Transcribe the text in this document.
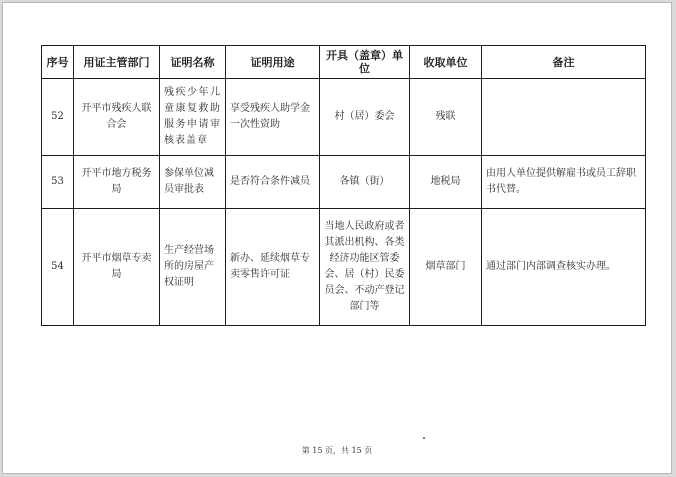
序号	用证主管部门	证明名称	证明用途	开具（盖章）单位	收取单位	备注
52	开平市残疾人联合会	残疾少年儿童康复救助服务申请审核表盖章	享受残疾人助学金一次性资助	村（居）委会	残联	
53	开平市地方税务局	参保单位减员审批表	是否符合条件减员	各镇（街）	地税局	由用人单位提供解雇书或员工辞职书代替。
54	开平市烟草专卖局	生产经营场所的房屋产权证明	新办、延续烟草专卖零售许可证	当地人民政府或者其派出机构、各类经济功能区管委会、居（村）民委员会、不动产登记部门等	烟草部门	通过部门内部调查核实办理。
第 15 页，共 15 页
